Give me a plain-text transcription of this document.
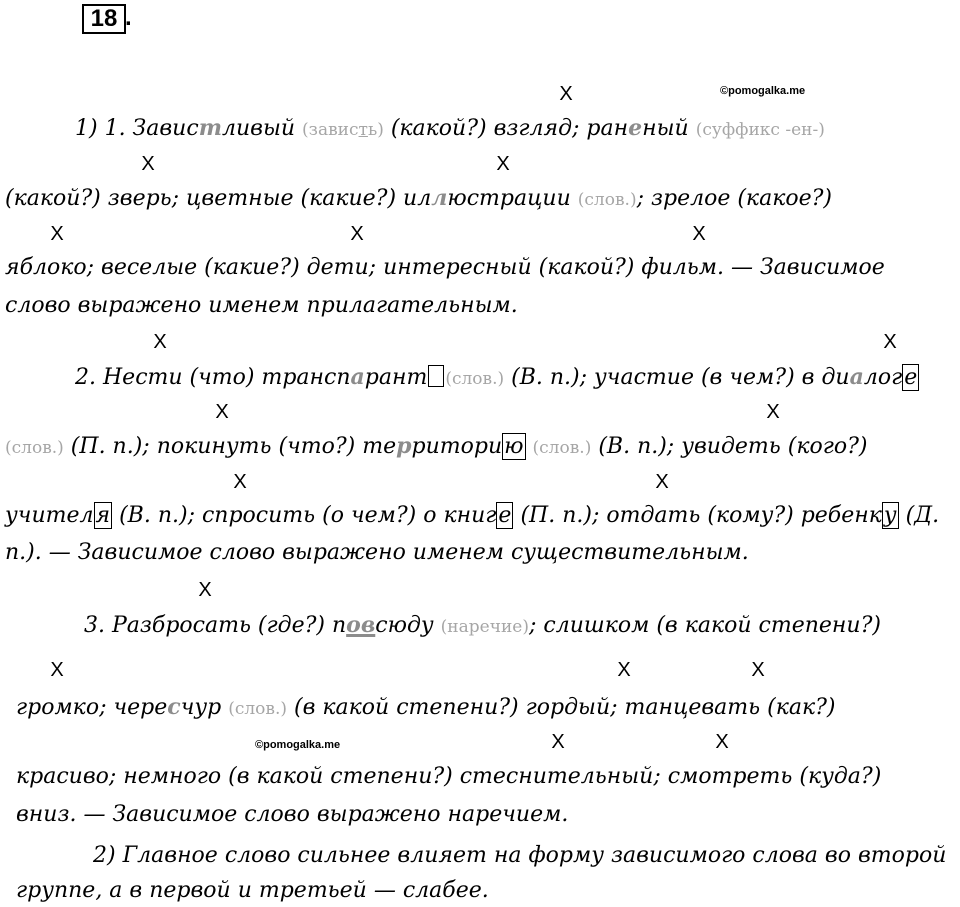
18 .
©pomogalka.me
©pomogalka.me
X
X	X
X	X	X
X	X
X	X
X	X
X
X	X	X
X	X
1) 1. Завистливый (зависть) (какой?) взгляд; раненый (суффикс -ен-)
(какой?) зверь; цветные (какие?) иллюстрации (слов.); зрелое (какое?)
яблоко; веселые (какие?) дети; интересный (какой?) фильм. — Зависимое
слово выражено именем прилагательным.
2. Нести (что) транспарант (слов.) (В. п.); участие (в чем?) в диалоге
(слов.) (П. п.); покинуть (что?) территорию (слов.) (В. п.); увидеть (кого?)
учителя (В. п.); спросить (о чем?) о книге (П. п.); отдать (кому?) ребенку (Д.
п.). — Зависимое слово выражено именем существительным.
3. Разбросать (где?) повсюду (наречие); слишком (в какой степени?)
громко; чересчур (слов.) (в какой степени?) гордый; танцевать (как?)
красиво; немного (в какой степени?) стеснительный; смотреть (куда?)
вниз. — Зависимое слово выражено наречием.
2) Главное слово сильнее влияет на форму зависимого слова во второй
группе, а в первой и третьей — слабее.
